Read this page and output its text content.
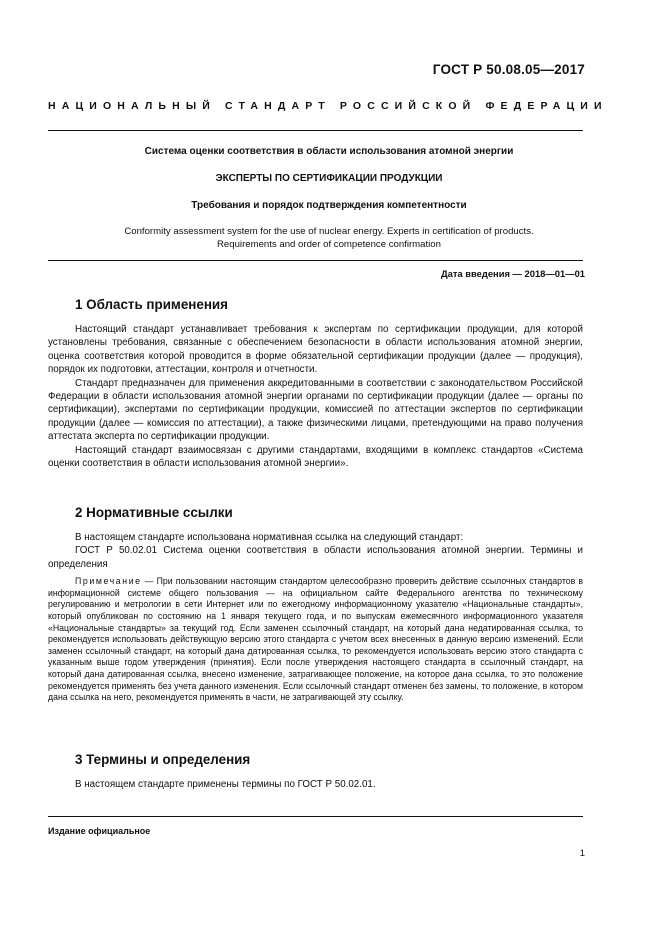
ГОСТ Р 50.08.05—2017
НАЦИОНАЛЬНЫЙ СТАНДАРТ РОССИЙСКОЙ ФЕДЕРАЦИИ
Система оценки соответствия в области использования атомной энергии
ЭКСПЕРТЫ ПО СЕРТИФИКАЦИИ ПРОДУКЦИИ
Требования и порядок подтверждения компетентности
Conformity assessment system for the use of nuclear energy. Experts in certification of products.
Requirements and order of competence confirmation
Дата введения — 2018—01—01
1 Область применения

Настоящий стандарт устанавливает требования к экспертам по сертификации продукции, для которой установлены требования, связанные с обеспечением безопасности в области использования атомной энергии, оценка соответствия которой проводится в форме обязательной сертификации продукции (далее — продукция), порядок их подготовки, аттестации, контроля и отчетности.

Стандарт предназначен для применения аккредитованными в соответствии с законодательством Российской Федерации в области использования атомной энергии органами по сертификации продукции (далее — органы по сертификации), экспертами по сертификации продукции, комиссией по аттестации экспертов по сертификации продукции (далее — комиссия по аттестации), а также физическими лицами, претендующими на право получения аттестата эксперта по сертификации продукции.

Настоящий стандарт взаимосвязан с другими стандартами, входящими в комплекс стандартов «Система оценки соответствия в области использования атомной энергии».

2 Нормативные ссылки

В настоящем стандарте использована нормативная ссылка на следующий стандарт:

ГОСТ Р 50.02.01 Система оценки соответствия в области использования атомной энергии. Термины и определения

Примечание — При пользовании настоящим стандартом целесообразно проверить действие ссылочных стандартов в информационной системе общего пользования — на официальном сайте Федерального агентства по техническому регулированию и метрологии в сети Интернет или по ежегодному информационному указателю «Национальные стандарты», который опубликован по состоянию на 1 января текущего года, и по выпускам ежемесячного информационного указателя «Национальные стандарты» за текущий год. Если заменен ссылочный стандарт, на который дана недатированная ссылка, то рекомендуется использовать действующую версию этого стандарта с учетом всех внесенных в данную версию изменений. Если заменен ссылочный стандарт, на который дана датированная ссылка, то рекомендуется использовать версию этого стандарта с указанным выше годом утверждения (принятия). Если после утверждения настоящего стандарта в ссылочный стандарт, на который дана датированная ссылка, внесено изменение, затрагивающее положение, на которое дана ссылка, то это положение рекомендуется применять без учета данного изменения. Если ссылочный стандарт отменен без замены, то положение, в котором дана ссылка на него, рекомендуется применять в части, не затрагивающей эту ссылку.

3 Термины и определения

В настоящем стандарте применены термины по ГОСТ Р 50.02.01.

Издание официальное
1
